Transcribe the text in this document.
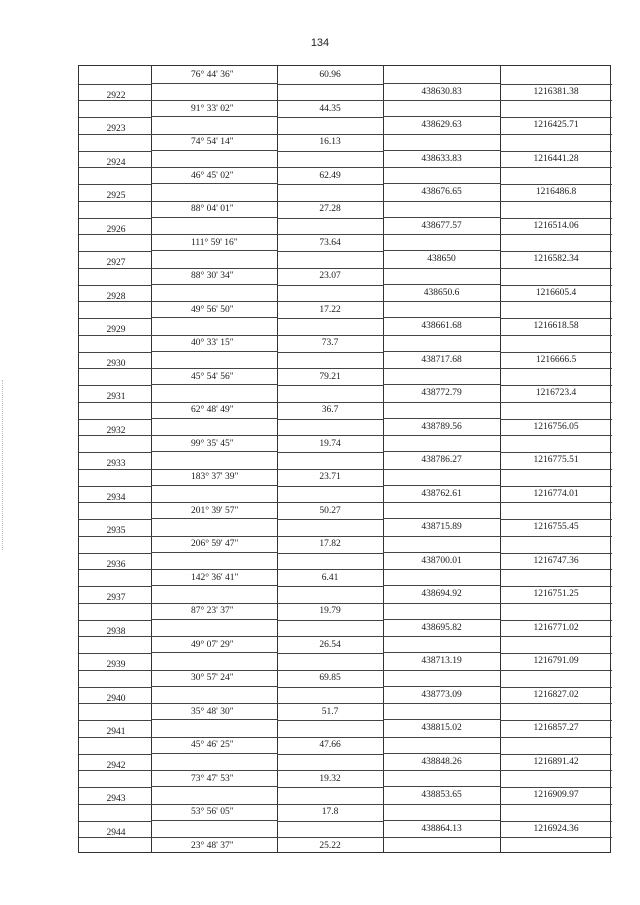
134
76° 44' 36"	60.96
2922	438630.83	1216381.38
91° 33' 02"	44.35
2923	438629.63	1216425.71
74° 54' 14"	16.13
2924	438633.83	1216441.28
46° 45' 02"	62.49
2925	438676.65	1216486.8
88° 04' 01"	27.28
2926	438677.57	1216514.06
111° 59' 16"	73.64
2927	438650	1216582.34
88° 30' 34"	23.07
2928	438650.6	1216605.4
49° 56' 50"	17.22
2929	438661.68	1216618.58
40° 33' 15"	73.7
2930	438717.68	1216666.5
45° 54' 56"	79.21
2931	438772.79	1216723.4
62° 48' 49"	36.7
2932	438789.56	1216756.05
99° 35' 45"	19.74
2933	438786.27	1216775.51
183° 37' 39"	23.71
2934	438762.61	1216774.01
201° 39' 57"	50.27
2935	438715.89	1216755.45
206° 59' 47"	17.82
2936	438700.01	1216747.36
142° 36' 41"	6.41
2937	438694.92	1216751.25
87° 23' 37"	19.79
2938	438695.82	1216771.02
49° 07' 29"	26.54
2939	438713.19	1216791.09
30° 57' 24"	69.85
2940	438773.09	1216827.02
35° 48' 30"	51.7
2941	438815.02	1216857.27
45° 46' 25"	47.66
2942	438848.26	1216891.42
73° 47' 53"	19.32
2943	438853.65	1216909.97
53° 56' 05"	17.8
2944	438864.13	1216924.36
23° 48' 37"	25.22
